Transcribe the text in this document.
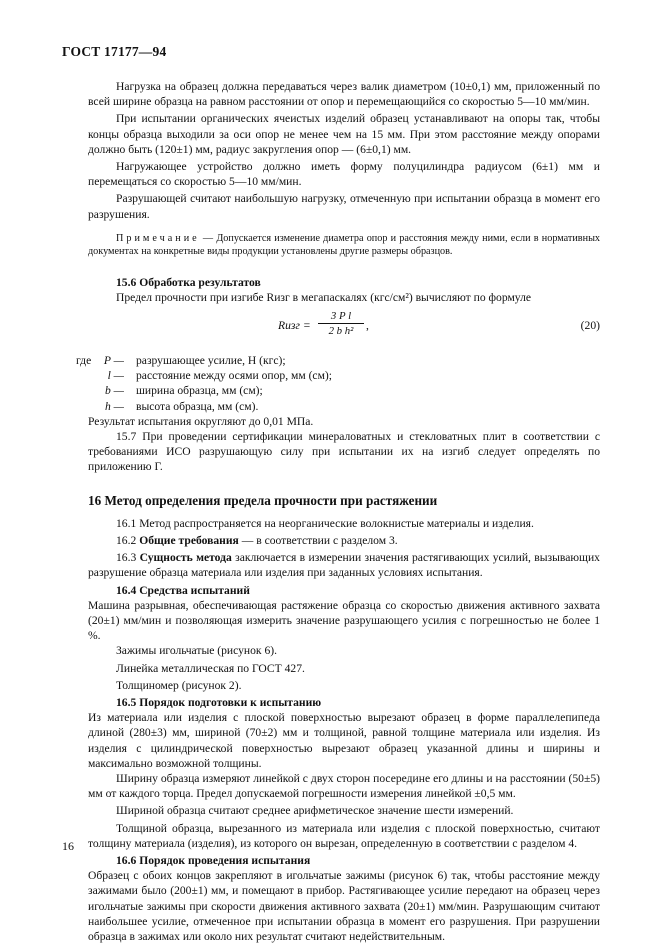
ГОСТ 17177—94

Нагрузка на образец должна передаваться через валик диаметром (10±0,1) мм, приложенный по всей ширине образца на равном расстоянии от опор и перемещающийся со скоростью 5—10 мм/мин.

При испытании органических ячеистых изделий образец устанавливают на опоры так, чтобы концы образца выходили за оси опор не менее чем на 15 мм. При этом расстояние между опорами должно быть (120±1) мм, радиус закругления опор — (6±0,1) мм.

Нагружающее устройство должно иметь форму полуцилиндра радиусом (6±1) мм и перемещаться со скоростью 5—10 мм/мин.

Разрушающей считают наибольшую нагрузку, отмеченную при испытании образца в момент его разрушения.

Примечание — Допускается изменение диаметра опор и расстояния между ними, если в нормативных документах на конкретные виды продукции установлены другие размеры образцов.

15.6 Обработка результатов

Предел прочности при изгибе Rизг в мегапаскалях (кгс/см²) вычисляют по формуле

Rизг = $\frac{\text{3 P l}}{\text{2 b h²}}$ ,	(20)
где	P —	разрушающее усилие, Н (кгс);
l —	расстояние между осями опор, мм (см);
b —	ширина образца, мм (см);
h —	высота образца, мм (см).

Результат испытания округляют до 0,01 МПа.

15.7 При проведении сертификации минераловатных и стекловатных плит в соответствии с требованиями ИСО разрушающую силу при испытании их на изгиб следует определять по приложению Г.

16 Метод определения предела прочности при растяжении

16.1 Метод распространяется на неорганические волокнистые материалы и изделия.

16.2 Общие требования — в соответствии с разделом 3.

16.3 Сущность метода заключается в измерении значения растягивающих усилий, вызывающих разрушение образца материала или изделия при заданных условиях испытания.

16.4 Средства испытаний

Машина разрывная, обеспечивающая растяжение образца со скоростью движения активного захвата (20±1) мм/мин и позволяющая измерить значение разрушающего усилия с погрешностью не более 1 %.

Зажимы игольчатые (рисунок 6).

Линейка металлическая по ГОСТ 427.

Толщиномер (рисунок 2).

16.5 Порядок подготовки к испытанию

Из материала или изделия с плоской поверхностью вырезают образец в форме параллелепипеда длиной (280±3) мм, шириной (70±2) мм и толщиной, равной толщине материала или изделия. Из изделия с цилиндрической поверхностью вырезают образец указанной длины и ширины и максимально возможной толщины.

Ширину образца измеряют линейкой с двух сторон посередине его длины и на расстоянии (50±5) мм от каждого торца. Предел допускаемой погрешности измерения линейкой ±0,5 мм.

Шириной образца считают среднее арифметическое значение шести измерений.

Толщиной образца, вырезанного из материала или изделия с плоской поверхностью, считают толщину материала (изделия), из которого он вырезан, определенную в соответствии с разделом 4.

16.6 Порядок проведения испытания

Образец с обоих концов закрепляют в игольчатые зажимы (рисунок 6) так, чтобы расстояние между зажимами было (200±1) мм, и помещают в прибор. Растягивающее усилие передают на образец через игольчатые зажимы при скорости движения активного захвата (20±1) мм/мин. Разрушающим считают наибольшее усилие, отмеченное при испытании образца в момент его разрушения. При разрушении образца в зажимах или около них результат считают недействительным.

16
